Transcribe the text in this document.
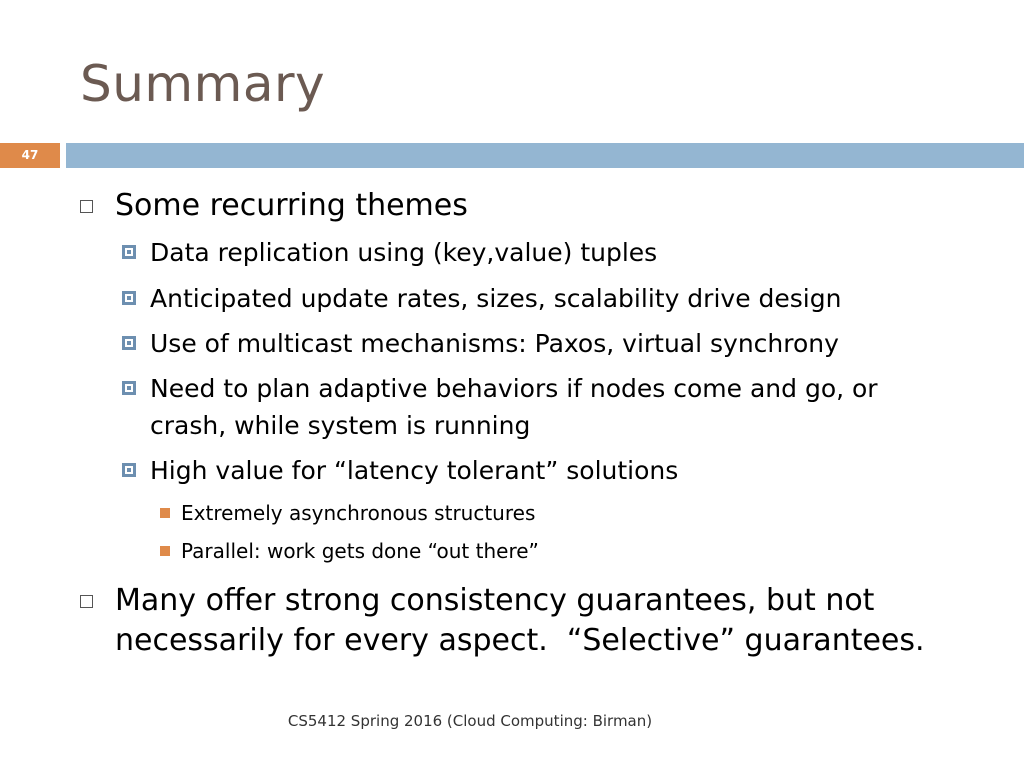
Summary
47
Some recurring themes
Data replication using (key,value) tuples
Anticipated update rates, sizes, scalability drive design
Use of multicast mechanisms: Paxos, virtual synchrony
Need to plan adaptive behaviors if nodes come and go, or
crash, while system is running
High value for “latency tolerant” solutions
Extremely asynchronous structures
Parallel: work gets done “out there”
Many offer strong consistency guarantees, but not
necessarily for every aspect.  “Selective” guarantees.
CS5412 Spring 2016 (Cloud Computing: Birman)
